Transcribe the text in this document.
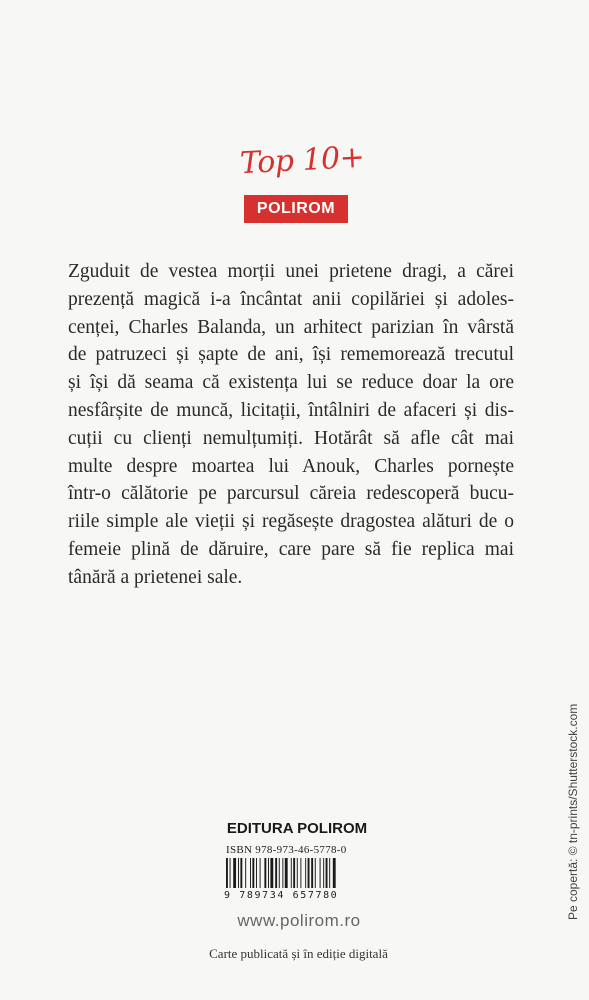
Top 10+
POLIROM

Zguduit de vestea morții unei prietene dragi, a cărei
prezență magică i-a încântat anii copilăriei și adoles-
cenței, Charles Balanda, un arhitect parizian în vârstă
de patruzeci și șapte de ani, își rememorează trecutul
și își dă seama că existența lui se reduce doar la ore
nesfârșite de muncă, licitații, întâlniri de afaceri și dis-
cuții cu clienți nemulțumiți. Hotărât să afle cât mai
multe despre moartea lui Anouk, Charles pornește
într-o călătorie pe parcursul căreia redescoperă bucu-
riile simple ale vieții și regăsește dragostea alături de o
femeie plină de dăruire, care pare să fie replica mai
tânără a prietenei sale.

Pe copertă: © tn-prints/Shutterstock.com
EDITURA POLIROM
ISBN 978-973-46-5778-0
9 789734 657780
www.polirom.ro
Carte publicată și în ediție digitală
